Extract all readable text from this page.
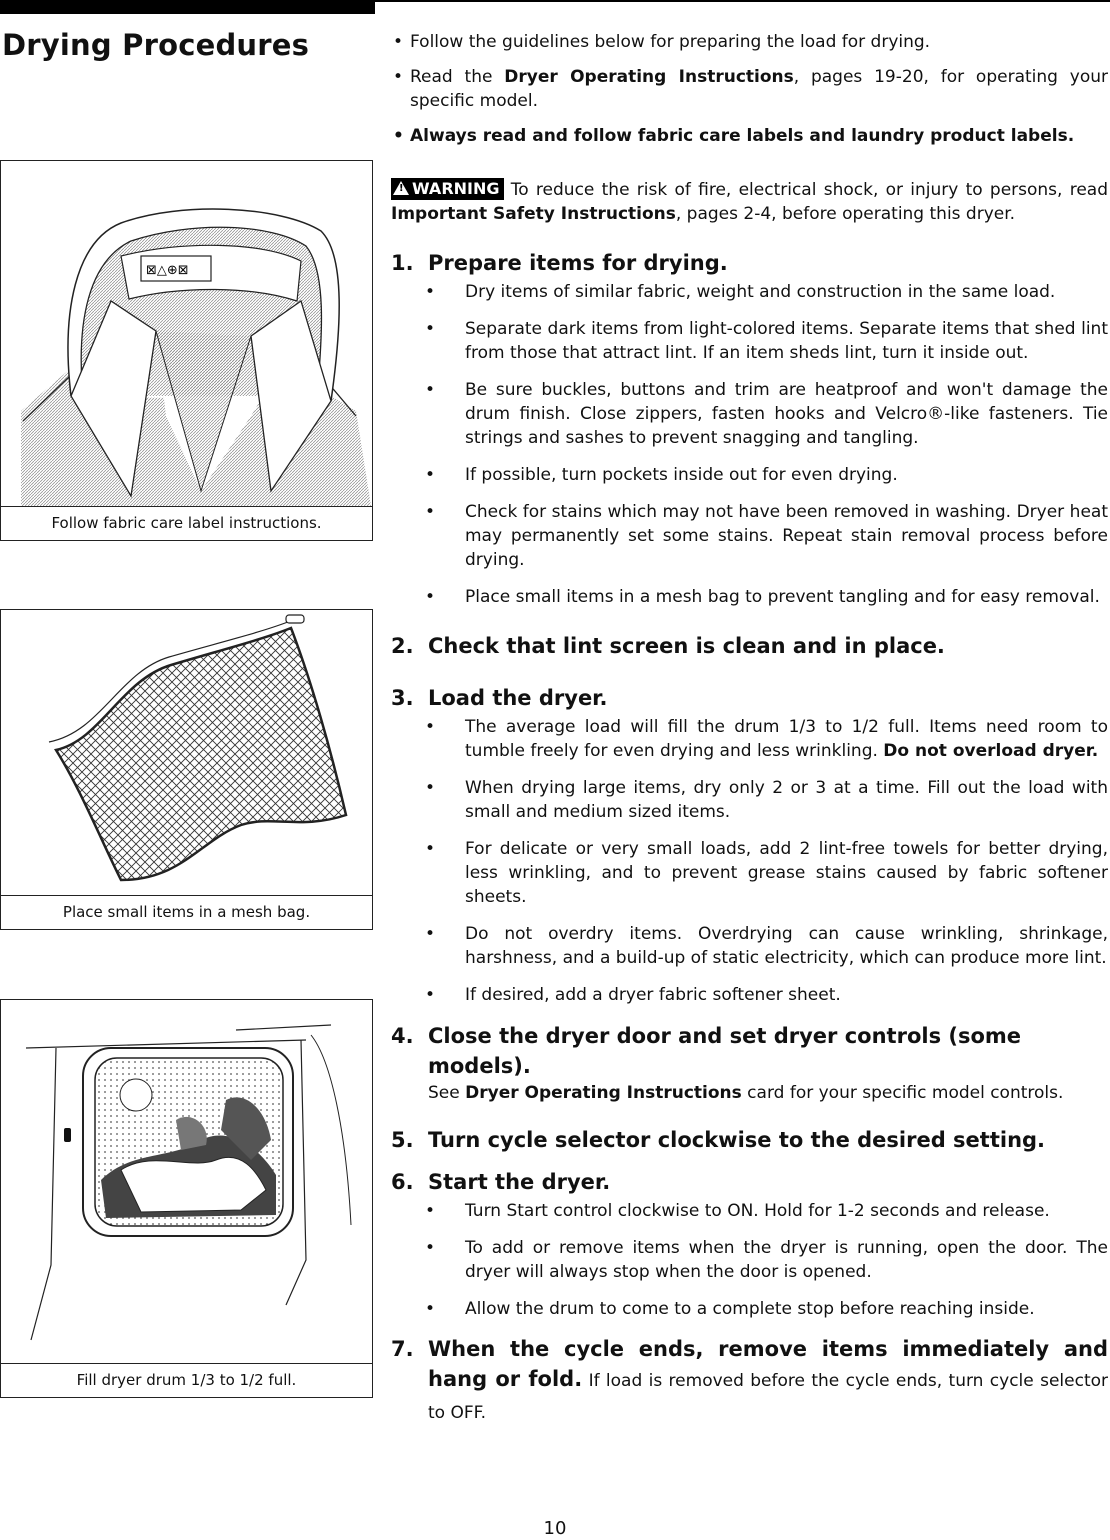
Drying Procedures
⊠△⊕⊠
Follow fabric care label instructions.
Place small items in a mesh bag.
Fill dryer drum 1/3 to 1/2 full.
• Follow the guidelines below for preparing the load for drying.
• Read the Dryer Operating Instructions, pages 19-20, for operating your specific model.
• Always read and follow fabric care labels and laundry product labels.
! WARNING To reduce the risk of fire, electrical shock, or injury to persons, read Important Safety Instructions, pages 2-4, before operating this dryer.
1. Prepare items for drying.
• Dry items of similar fabric, weight and construction in the same load.
• Separate dark items from light-colored items. Separate items that shed lint from those that attract lint. If an item sheds lint, turn it inside out.
• Be sure buckles, buttons and trim are heatproof and won't damage the drum finish. Close zippers, fasten hooks and Velcro®-like fasteners. Tie strings and sashes to prevent snagging and tangling.
• If possible, turn pockets inside out for even drying.
• Check for stains which may not have been removed in washing. Dryer heat may permanently set some stains. Repeat stain removal process before drying.
• Place small items in a mesh bag to prevent tangling and for easy removal.
2. Check that lint screen is clean and in place.
3. Load the dryer.
• The average load will fill the drum 1/3 to 1/2 full. Items need room to tumble freely for even drying and less wrinkling. Do not overload dryer.
• When drying large items, dry only 2 or 3 at a time. Fill out the load with small and medium sized items.
• For delicate or very small loads, add 2 lint-free towels for better drying, less wrinkling, and to prevent grease stains caused by fabric softener sheets.
• Do not overdry items. Overdrying can cause wrinkling, shrinkage, harshness, and a build-up of static electricity, which can produce more lint.
• If desired, add a dryer fabric softener sheet.
4. Close the dryer door and set dryer controls (some models).
See Dryer Operating Instructions card for your specific model controls.
5. Turn cycle selector clockwise to the desired setting.
6. Start the dryer.
• Turn Start control clockwise to ON. Hold for 1-2 seconds and release.
• To add or remove items when the dryer is running, open the door. The dryer will always stop when the door is opened.
• Allow the drum to come to a complete stop before reaching inside.
7. When the cycle ends, remove items immediately and hang or fold. If load is removed before the cycle ends, turn cycle selector to OFF.
10
